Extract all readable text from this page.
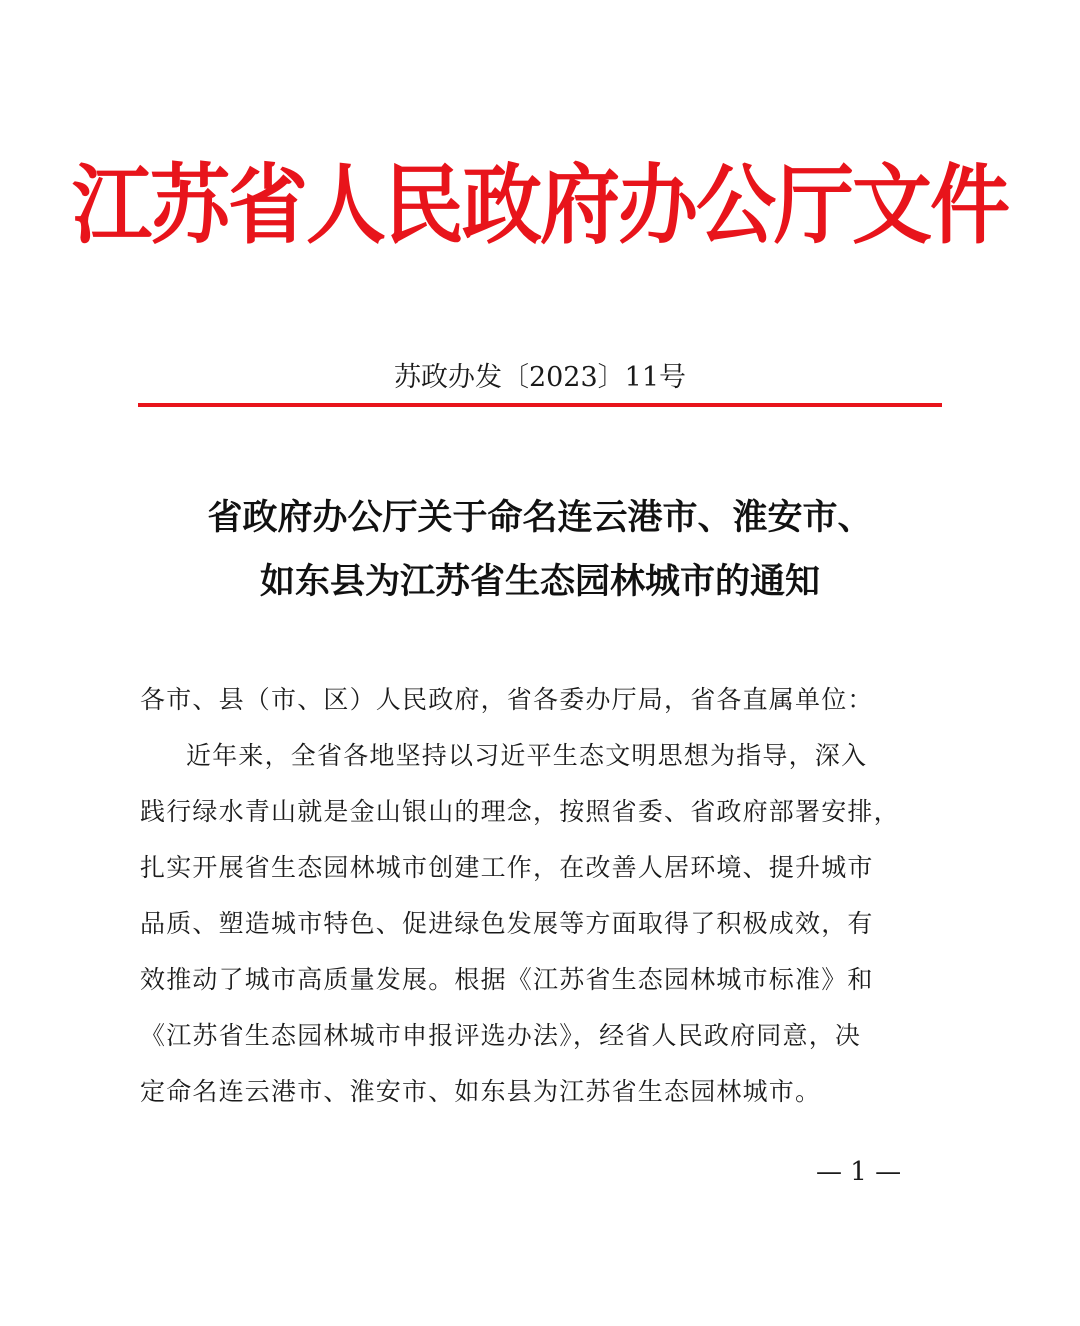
江苏省人民政府办公厅文件
苏政办发〔2023〕11号
省政府办公厅关于命名连云港市、淮安市、
如东县为江苏省生态园林城市的通知
各市、县（市、区）人民政府，省各委办厅局，省各直属单位：
近年来，全省各地坚持以习近平生态文明思想为指导，深入
践行绿水青山就是金山银山的理念，按照省委、省政府部署安排，
扎实开展省生态园林城市创建工作，在改善人居环境、提升城市
品质、塑造城市特色、促进绿色发展等方面取得了积极成效，有
效推动了城市高质量发展。根据《江苏省生态园林城市标准》和
《江苏省生态园林城市申报评选办法》，经省人民政府同意，决
定命名连云港市、淮安市、如东县为江苏省生态园林城市。
— 1 —
